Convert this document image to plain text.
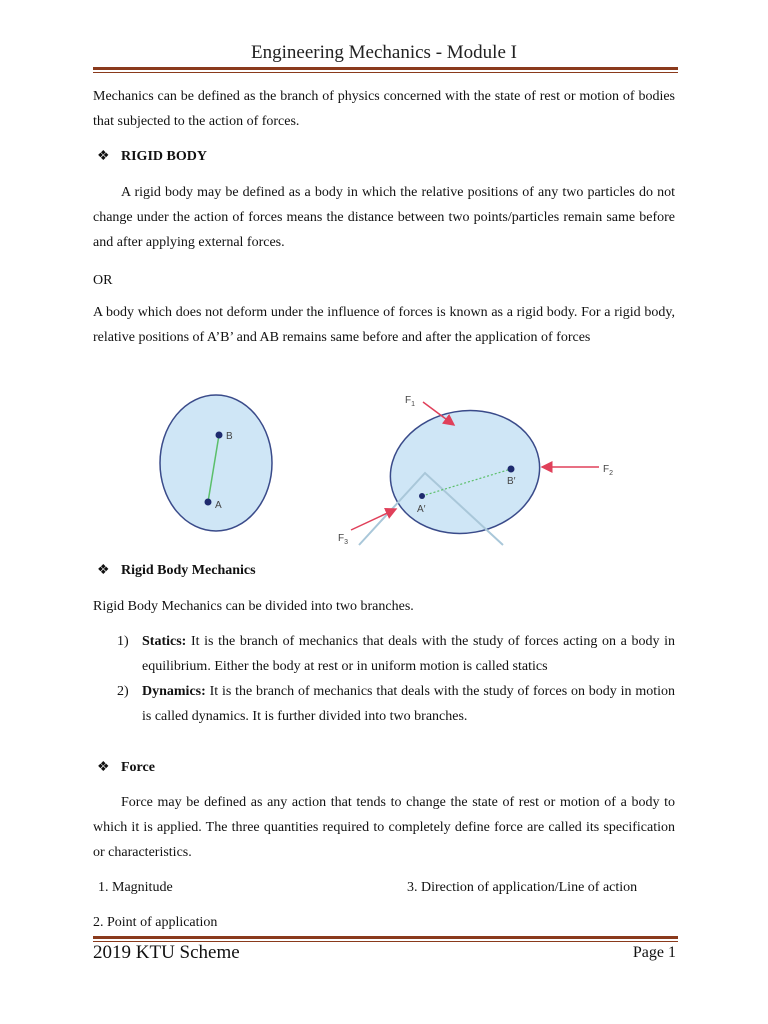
Engineering Mechanics - Module I
Mechanics can be defined as the branch of physics concerned with the state of rest or motion of bodies that subjected to the action of forces.
❖ RIGID BODY
A rigid body may be defined as a body in which the relative positions of any two particles do not change under the action of forces means the distance between two points/particles remain same before and after applying external forces.
OR
A body which does not deform under the influence of forces is known as a rigid body. For a rigid body, relative positions of A’B’ and AB remains same before and after the application of forces
B
A	A′
B′
$F_1$
$F_2$
$F_3$
❖ Rigid Body Mechanics
Rigid Body Mechanics can be divided into two branches.
1) Statics: It is the branch of mechanics that deals with the study of forces acting on a body in equilibrium. Either the body at rest or in uniform motion is called statics
2) Dynamics: It is the branch of mechanics that deals with the study of forces on body in motion is called dynamics. It is further divided into two branches.
❖ Force
Force may be defined as any action that tends to change the state of rest or motion of a body to which it is applied. The three quantities required to completely define force are called its specification or characteristics.
1. Magnitude	3. Direction of application/Line of action
2. Point of application
2019 KTU Scheme	Page 1
